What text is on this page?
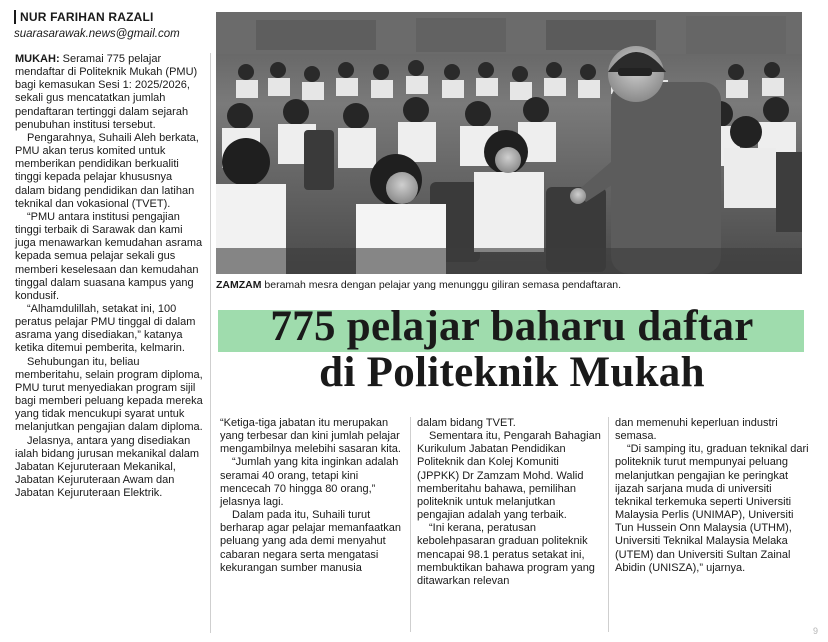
NUR FARIHAN RAZALI
suarasarawak.news@gmail.com

MUKAH: Seramai 775 pelajar mendaftar di Politeknik Mukah (PMU) bagi kemasukan Sesi 1: 2025/2026, sekali gus mencatatkan jumlah pendaftaran tertinggi dalam sejarah penubuhan institusi tersebut.

Pengarahnya, Suhaili Aleh berkata, PMU akan terus komited untuk memberikan pendidikan berkualiti tinggi kepada pelajar khususnya dalam bidang pendidikan dan latihan teknikal dan vokasional (TVET).

“PMU antara institusi pengajian tinggi terbaik di Sarawak dan kami juga menawarkan kemudahan asrama kepada semua pelajar sekali gus memberi keselesaan dan kemudahan tinggal dalam suasana kampus yang kondusif.

“Alhamdulillah, setakat ini, 100 peratus pelajar PMU tinggal di dalam asrama yang disediakan,” katanya ketika ditemui pemberita, kelmarin.

Sehubungan itu, beliau memberitahu, selain program diploma, PMU turut menyediakan program sijil bagi memberi peluang kepada mereka yang tidak mencukupi syarat untuk melanjutkan pengajian dalam diploma.

Jelasnya, antara yang disediakan ialah bidang jurusan mekanikal dalam Jabatan Kejuruteraan Mekanikal, Jabatan Kejuruteraan Awam dan Jabatan Kejuruteraan Elektrik.

ZAMZAM beramah mesra dengan pelajar yang menunggu giliran semasa pendaftaran.
775 pelajar baharu daftar
di Politeknik Mukah

“Ketiga-tiga jabatan itu merupakan yang terbesar dan kini jumlah pelajar mengambilnya melebihi sasaran kita.

“Jumlah yang kita inginkan adalah seramai 40 orang, tetapi kini mencecah 70 hingga 80 orang,” jelasnya lagi.

Dalam pada itu, Suhaili turut berharap agar pelajar memanfaatkan peluang yang ada demi menyahut cabaran negara serta mengatasi kekurangan sumber manusia

dalam bidang TVET.

Sementara itu, Pengarah Bahagian Kurikulum Jabatan Pendidikan Politeknik dan Kolej Komuniti (JPPKK) Dr Zamzam Mohd. Walid memberitahu bahawa, pemilihan politeknik untuk melanjutkan pengajian adalah yang terbaik.

“Ini kerana, peratusan kebolehpasaran graduan politeknik mencapai 98.1 peratus setakat ini, membuktikan bahawa program yang ditawarkan relevan

dan memenuhi keperluan industri semasa.

“Di samping itu, graduan teknikal dari politeknik turut mempunyai peluang melanjutkan pengajian ke peringkat ijazah sarjana muda di universiti teknikal terkemuka seperti Universiti Malaysia Perlis (UNIMAP), Universiti Tun Hussein Onn Malaysia (UTHM), Universiti Teknikal Malaysia Melaka (UTEM) dan Universiti Sultan Zainal Abidin (UNISZA),” ujarnya.

9
